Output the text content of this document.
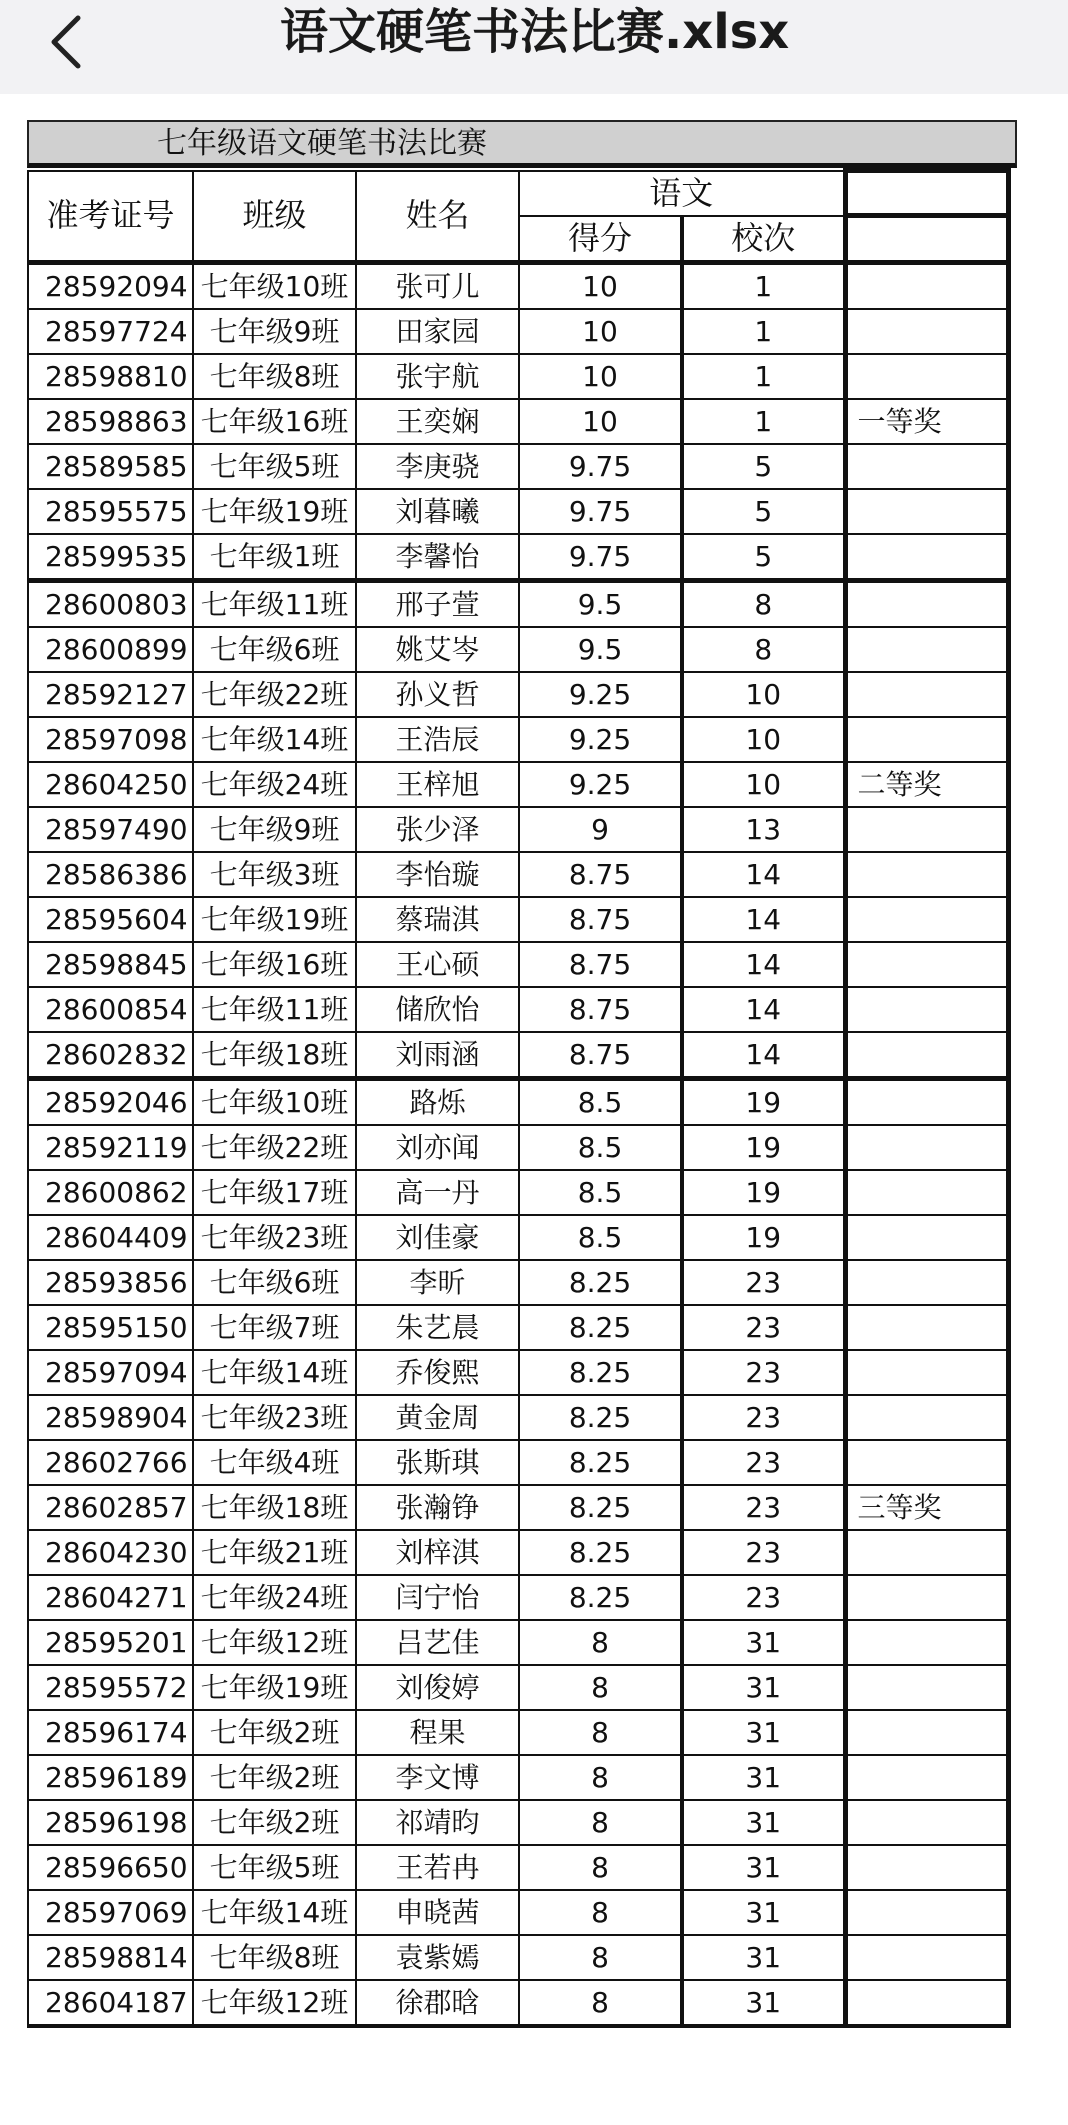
语文硬笔书法比赛.xlsx
七年级语文硬笔书法比赛
准考证号	班级	姓名	语文		
			得分	校次	
28592094	七年级10班	张可儿	10	1	
28597724	七年级9班	田家园	10	1	
28598810	七年级8班	张宇航	10	1	
28598863	七年级16班	王奕娴	10	1	一等奖
28589585	七年级5班	李庚骁	9.75	5	
28595575	七年级19班	刘暮曦	9.75	5	
28599535	七年级1班	李馨怡	9.75	5	
28600803	七年级11班	邢子萱	9.5	8	
28600899	七年级6班	姚艾岑	9.5	8	
28592127	七年级22班	孙义哲	9.25	10	
28597098	七年级14班	王浩辰	9.25	10	
28604250	七年级24班	王梓旭	9.25	10	二等奖
28597490	七年级9班	张少泽	9	13	
28586386	七年级3班	李怡璇	8.75	14	
28595604	七年级19班	蔡瑞淇	8.75	14	
28598845	七年级16班	王心硕	8.75	14	
28600854	七年级11班	储欣怡	8.75	14	
28602832	七年级18班	刘雨涵	8.75	14	
28592046	七年级10班	路烁	8.5	19	
28592119	七年级22班	刘亦闻	8.5	19	
28600862	七年级17班	高一丹	8.5	19	
28604409	七年级23班	刘佳豪	8.5	19	
28593856	七年级6班	李昕	8.25	23	
28595150	七年级7班	朱艺晨	8.25	23	
28597094	七年级14班	乔俊熙	8.25	23	
28598904	七年级23班	黄金周	8.25	23	
28602766	七年级4班	张斯琪	8.25	23	
28602857	七年级18班	张瀚铮	8.25	23	三等奖
28604230	七年级21班	刘梓淇	8.25	23	
28604271	七年级24班	闫宁怡	8.25	23	
28595201	七年级12班	吕艺佳	8	31	
28595572	七年级19班	刘俊婷	8	31	
28596174	七年级2班	程果	8	31	
28596189	七年级2班	李文博	8	31	
28596198	七年级2班	祁靖昀	8	31	
28596650	七年级5班	王若冉	8	31	
28597069	七年级14班	申晓茜	8	31	
28598814	七年级8班	袁紫嫣	8	31	
28604187	七年级12班	徐郡晗	8	31	
